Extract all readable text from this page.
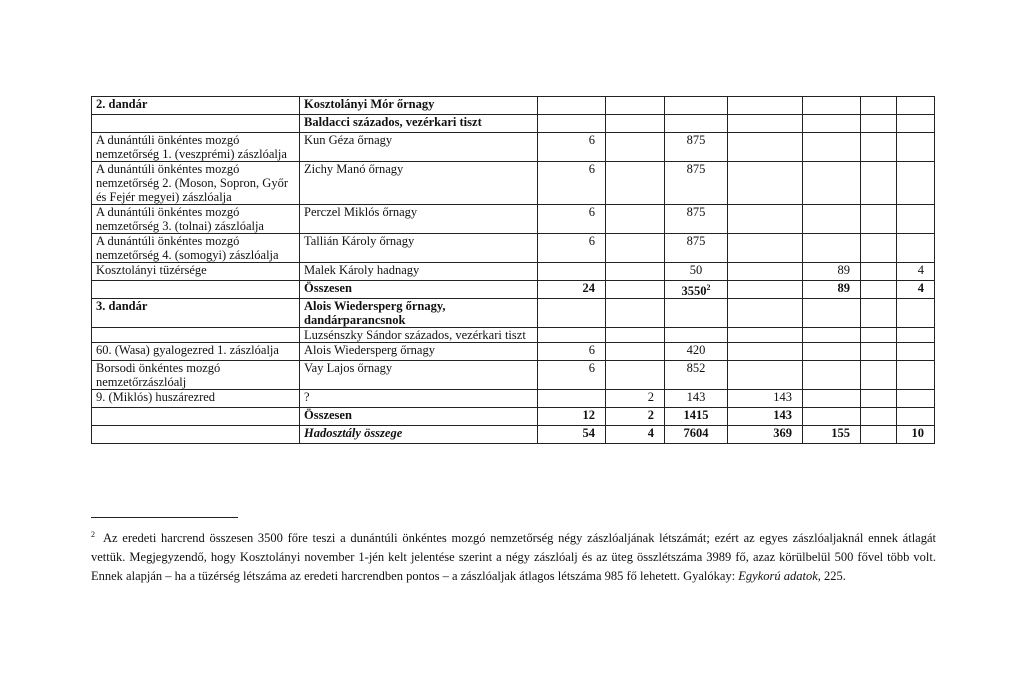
2. dandár	Kosztolányi Mór őrnagy							
	Baldacci százados, vezérkari tiszt							
A dunántúli önkéntes mozgó nemzetőrség 1. (veszprémi) zászlóalja	Kun Géza őrnagy	6		875				
A dunántúli önkéntes mozgó nemzetőrség 2. (Moson, Sopron, Győr és Fejér megyei) zászlóalja	Zichy Manó őrnagy	6		875				
A dunántúli önkéntes mozgó nemzetőrség 3. (tolnai) zászlóalja	Perczel Miklós őrnagy	6		875				
A dunántúli önkéntes mozgó nemzetőrség 4. (somogyi) zászlóalja	Tallián Károly őrnagy	6		875				
Kosztolányi tüzérsége	Malek Károly hadnagy			50		89		4
	Összesen	24		3550$^2$		89		4
3. dandár	Alois Wiedersperg őrnagy, dandárparancsnok							
	Luzsénszky Sándor százados, vezérkari tiszt							
60. (Wasa) gyalogezred 1. zászlóalja	Alois Wiedersperg őrnagy	6		420				
Borsodi önkéntes mozgó nemzetőrzászlóalj	Vay Lajos őrnagy	6		852				
9. (Miklós) huszárezred	?		2	143	143			
	Összesen	12	2	1415	143			
	Hadosztály összege	54	4	7604	369	155		10
$^2$ Az eredeti harcrend összesen 3500 főre teszi a dunántúli önkéntes mozgó nemzetőrség négy zászlóaljának létszámát; ezért az egyes zászlóaljaknál ennek átlagát vettük. Megjegyzendő, hogy Kosztolányi november 1-jén kelt jelentése szerint a négy zászlóalj és az üteg összlétszáma 3989 fő, azaz körülbelül 500 fővel több volt. Ennek alapján – ha a tüzérség létszáma az eredeti harcrendben pontos – a zászlóaljak átlagos létszáma 985 fő lehetett. Gyalókay: Egykorú adatok, 225.
